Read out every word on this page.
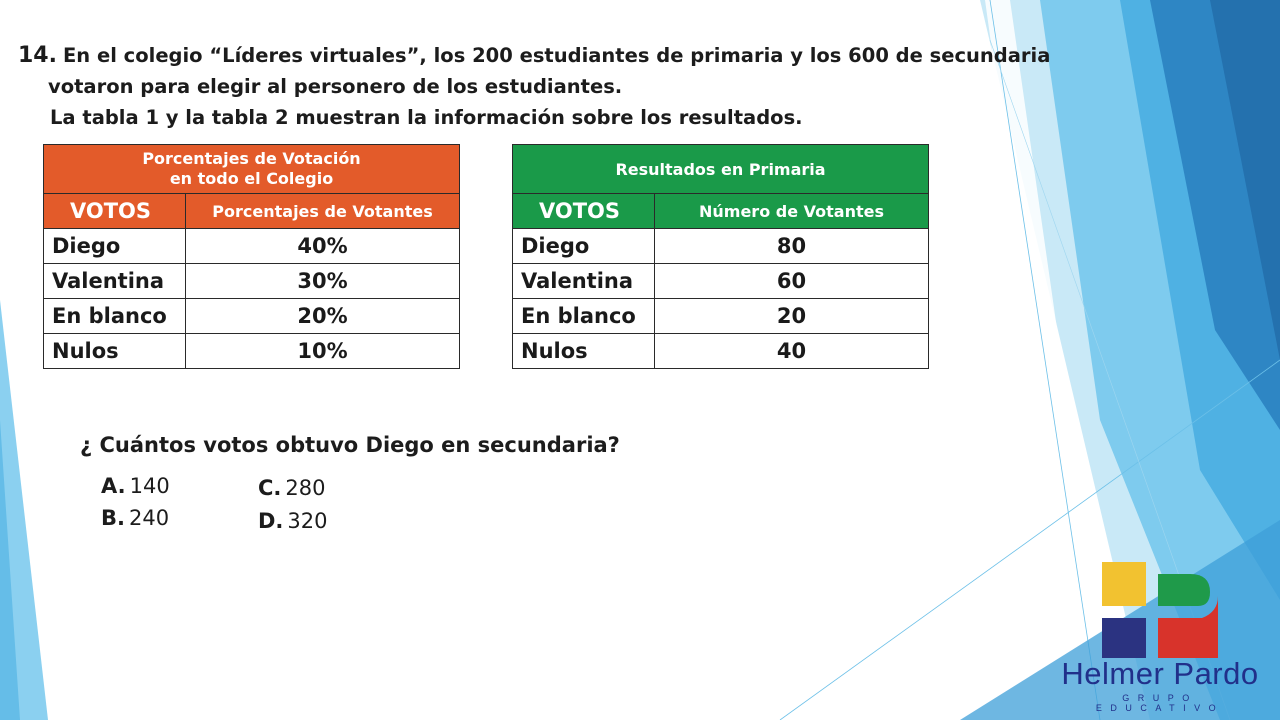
14. En el colegio “Líderes virtuales”, los 200 estudiantes de primaria y los 600 de secundaria
votaron para elegir al personero de los estudiantes.
La tabla 1 y la tabla 2 muestran la información sobre los resultados.
Porcentajes de Votación
en todo el Colegio	
VOTOS	Porcentajes de Votantes
Diego	40%
Valentina	30%
En blanco	20%
Nulos	10%
Resultados en Primaria	
VOTOS	Número de Votantes
Diego	80
Valentina	60
En blanco	20
Nulos	40
¿ Cuántos votos obtuvo Diego en secundaria?
A. 140
B. 240
C. 280
D. 320
Helmer Pardo
GRUPO EDUCATIVO
